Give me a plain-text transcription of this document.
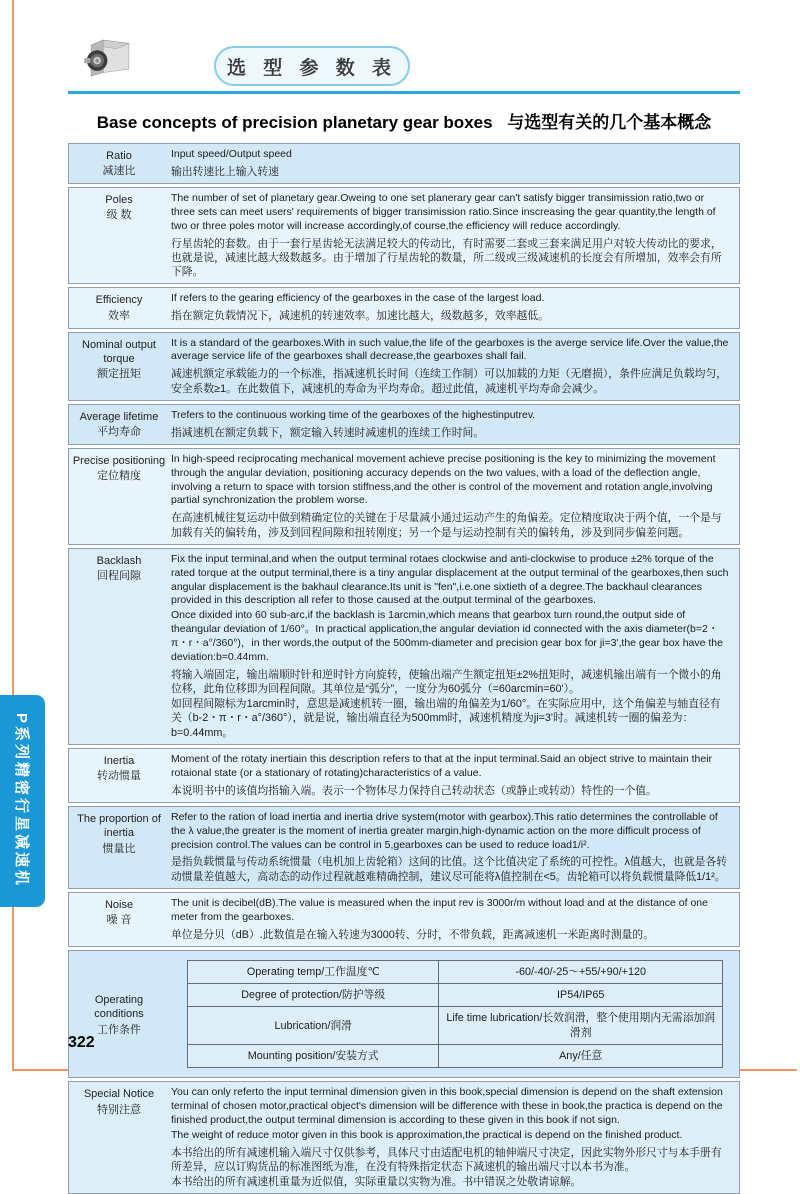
选 型 参 数 表
Base concepts of precision planetary gear boxes 与选型有关的几个基本概念
Ratio
减速比

Input speed/Output speed

输出转速比上输入转速

Poles
级 数

The number of set of planetary gear.Oweing to one set planerary gear can't satisfy bigger transimission ratio,two or three sets can meet users' requirements of bigger transimission ratio.Since inscreasing the gear quantity,the length of two or three poles motor will increase accordingly,of course,the efficiency will reduce accordingly.

行星齿轮的套数。由于一套行星齿轮无法满足较大的传动比，有时需要二套或三套来满足用户对较大传动比的要求，也就是说，减速比越大级数越多。由于增加了行星齿轮的数量，所二级或三级减速机的长度会有所增加，效率会有所下降。

Efficiency
效率

If refers to the gearing efficiency of the gearboxes in the case of the largest load.

指在额定负载情况下，减速机的转速效率。加速比越大，级数越多，效率越低。

Nominal output torque
额定扭矩

It is a standard of the gearboxes.With in such value,the life of the gearboxes is the averge service life.Over the value,the average service life of the gearboxes shall decrease,the gearboxes shall fail.

减速机额定承载能力的一个标准，指减速机长时间（连续工作制）可以加载的力矩（无磨损），条件应满足负载均匀，安全系数≥1。在此数值下，减速机的寿命为平均寿命。超过此值，减速机平均寿命会减少。

Average lifetime
平均寿命

Trefers to the continuous working time of the gearboxes of the highestinputrev.

指减速机在额定负载下，额定输入转速时减速机的连续工作时间。

Precise positioning
定位精度

In high-speed reciprocating mechanical movement achieve precise positioning is the key to minimizing the movement through the angular deviation, positioning accuracy depends on the two values, with a load of the deflection angle, involving a return to space with torsion stiffness,and the other is control of the movement and rotation angle,involving partial synchronization the problem worse.

在高速机械往复运动中做到精确定位的关键在于尽量减小通过运动产生的角偏差。定位精度取决于两个值，一个是与加载有关的偏转角，涉及到回程间隙和扭转刚度；另一个是与运动控制有关的偏转角，涉及到同步偏差问题。

Backlash
回程间隙

Fix the input terminal,and when the output terminal rotaes clockwise and anti-clockwise to produce ±2% torque of the rated torque at the output terminal,there is a tiny angular displacement at the output terminal of the gearboxes,then such angular displacement is the bakhaul clearance.Its unit is "fen",i.e.one sixtieth of a degree.The backhaul clearances provided in this description all refer to those caused at the output terminal of the gearboxes.

Once dixided into 60 sub-arc,if the backlash is 1arcmin,which means that gearbox turn round,the output side of theangular deviation of 1/60°。In practical application,the angular deviation id connected with the axis diameter(b=2・π・r・a°/360°)，in ther words,the output of the 500mm-diameter and precision gear box for ji=3',the gear box have the deviation:b=0.44mm.

将输入端固定，输出端顺时针和逆时针方向旋转，使输出端产生额定扭矩±2%扭矩时，减速机输出端有一个微小的角位移，此角位移即为回程间隙。其单位是“弧分”，一度分为60弧分（=60arcmin=60'）。

如回程间隙标为1arcmin时，意思是减速机转一圈，输出端的角偏差为1/60°。在实际应用中，这个角偏差与轴直径有关（b-2・π・r・a°/360°），就是说，输出端直径为500mm时，减速机精度为ji=3'时。减速机转一圈的偏差为：b=0.44mm。

Inertia
转动惯量

Moment of the rotaty inertiain this description refers to that at the input terminal.Said an object strive to maintain their rotaional state (or a stationary of rotating)characteristics of a value.

本说明书中的该值均指输入端。表示一个物体尽力保持自己转动状态（或静止或转动）特性的一个值。

The proportion of inertia
惯量比

Refer to the ration of load inertia and inertia drive system(motor with gearbox).This ratio determines the controllable of the λ value,the greater is the moment of inertia greater margin,high-dynamic action on the more difficult process of precision control.The values can be control in 5,gearboxes can be used to reduce load1/i².

是指负载惯量与传动系统惯量（电机加上齿轮箱）这间的比值。这个比值决定了系统的可控性。λ值越大，也就是各转动惯量差值越大，高动态的动作过程就越难精确控制，建议尽可能将λ值控制在<5。齿轮箱可以将负载惯量降低1/1²。

Noise
噪 音

The unit is decibel(dB).The value is measured when the input rev is 3000r/m without load and at the distance of one meter from the gearboxes.

单位是分贝（dB）.此数值是在输入转速为3000转、分时，不带负载，距离减速机一米距离时测量的。

Operating conditions
工作条件
Operating temp/工作温度℃	-60/-40/-25～+55/+90/+120
Degree of protection/防护等级	IP54/IP65
Lubrication/润滑	Life time lubrication/长效润滑，整个使用期内无需添加润滑剂
Mounting position/安装方式	Any/任意
Special Notice
特别注意

You can only referto the input terminal dimension given in this book,special dimension is depend on the shaft extension terminal of chosen motor,practical object's dimension will be difference with these in book,the practica is depend on the finished product,the output terminal dimension is according to these given in this book if not sign.

The weight of reduce motor given in this book is approximation,the practical is depend on the finished product.

本书给出的所有减速机输入端尺寸仅供参考，具体尺寸由适配电机的轴伸端尺寸决定，因此实物外形尺寸与本手册有所差异，应以订购货品的标准图纸为准，在没有特殊指定状态下减速机的输出端尺寸以本书为准。

本书给出的所有减速机重量为近似值，实际重量以实物为准。书中错误之处敬请谅解。

P系列精密行星减速机
322
